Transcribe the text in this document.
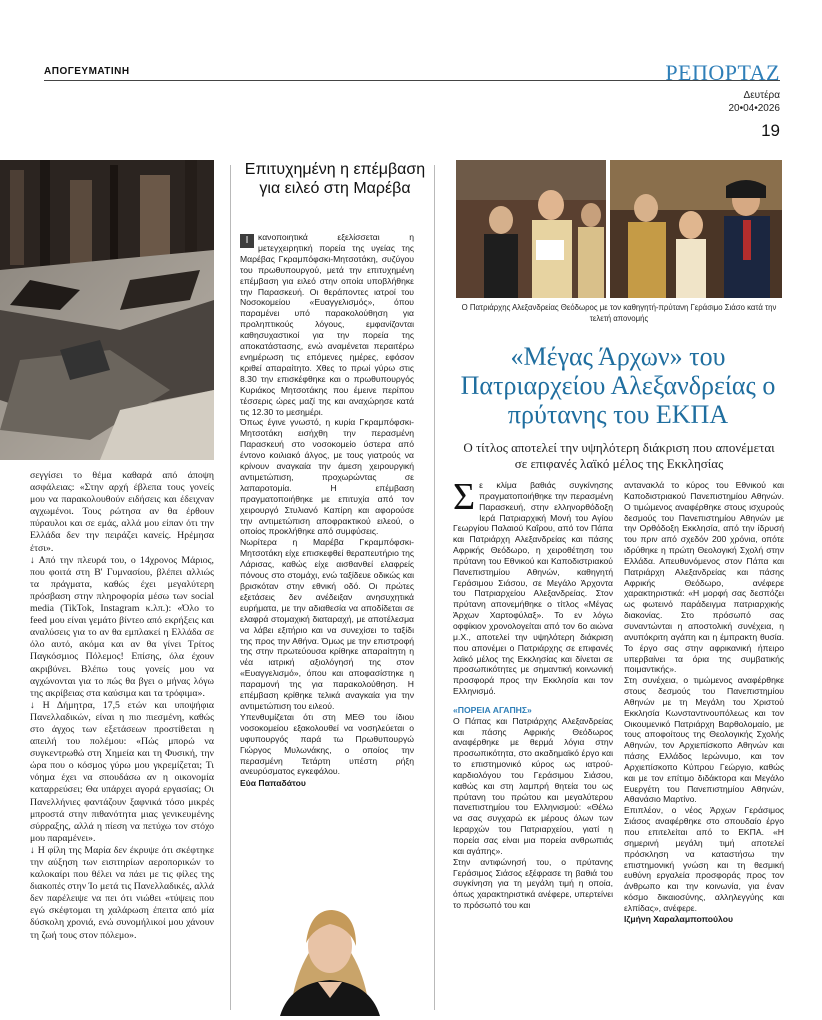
ΑΠΟΓΕΥΜΑΤΙΝΗ	ΡΕΠΟΡΤΑΖ
Δευτέρα
20•04•2026
19

σεγγίσει το θέμα καθαρά από άποψη ασφάλειας: «Στην αρχή έβλεπα τους γονείς μου να παρακολουθούν ειδήσεις και έδειχναν αγχωμένοι. Τους ρώτησα αν θα έρθουν πύραυλοι και σε εμάς, αλλά μου είπαν ότι την Ελλάδα δεν την πειράζει κανείς. Ηρέμησα έτσι».

↓ Από την πλευρά του, ο 14χρονος Μάριος, που φοιτά στη Β' Γυμνασίου, βλέπει αλλιώς τα πράγματα, καθώς έχει μεγαλύτερη πρόσβαση στην πληροφορία μέσω των social media (TikTok, Instagram κ.λπ.): «Όλο το feed μου είναι γεμάτο βίντεο από εκρήξεις και αναλύσεις για το αν θα εμπλακεί η Ελλάδα σε όλο αυτό, ακόμα και αν θα γίνει Τρίτος Παγκόσμιος Πόλεμος! Επίσης, όλα έχουν ακριβύνει. Βλέπω τους γονείς μου να αγχώνονται για το πώς θα βγει ο μήνας λόγω της ακρίβειας στα καύσιμα και τα τρόφιμα».

↓ Η Δήμητρα, 17,5 ετών και υποψήφια Πανελλαδικών, είναι η πιο πιεσμένη, καθώς στο άγχος των εξετάσεων προστίθεται η απειλή του πολέμου: «Πώς μπορώ να συγκεντρωθώ στη Χημεία και τη Φυσική, την ώρα που ο κόσμος γύρω μου γκρεμίζεται; Τι νόημα έχει να σπουδάσω αν η οικονομία καταρρεύσει; Θα υπάρχει αγορά εργασίας; Οι Πανελλήνιες φαντάζουν ξαφνικά τόσο μικρές μπροστά στην πιθανότητα μιας γενικευμένης σύρραξης, αλλά η πίεση να πετύχω τον στόχο μου παραμένει».

↓ Η φίλη της Μαρία δεν έκρυψε ότι σκέφτηκε την αύξηση των εισιτηρίων αεροπορικών το καλοκαίρι που θέλει να πάει με τις φίλες της διακοπές στην Ίο μετά τις Πανελλαδικές, αλλά δεν παρέλειψε να πει ότι νιώθει «τύψεις που εγώ σκέφτομαι τη χαλάρωση έπειτα από μία δύσκολη χρονιά, ενώ συνομήλικοί μου χάνουν τη ζωή τους στον πόλεμο».

Επιτυχημένη η επέμβαση για ειλεό στη Μαρέβα
Ι	κανοποιητικά εξελίσσεται η μετεγχειρητική πορεία της υγείας της Μαρέβας Γκραμπόφσκι-Μητσοτάκη, συζύγου του πρωθυπουργού, μετά την επιτυχημένη επέμβαση για ειλεό στην οποία υποβλήθηκε την Παρασκευή. Οι θεράποντες ιατροί του Νοσοκομείου «Ευαγγελισμός», όπου παραμένει υπό παρακολούθηση για προληπτικούς λόγους, εμφανίζονται καθησυχαστικοί για την πορεία της αποκατάστασης, ενώ αναμένεται περαιτέρω ενημέρωση τις επόμενες ημέρες, εφόσον κριθεί απαραίτητο. Χθες το πρωί γύρω στις 8.30 την επισκέφθηκε και ο πρωθυπουργός Κυριάκος Μητσοτάκης που έμεινε περίπου τέσσερις ώρες μαζί της και αναχώρησε κατά τις 12.30 το μεσημέρι.

Όπως έγινε γνωστό, η κυρία Γκραμπόφσκι-Μητσοτάκη εισήχθη την περασμένη Παρασκευή στο νοσοκομείο ύστερα από έντονο κοιλιακό άλγος, με τους γιατρούς να κρίνουν αναγκαία την άμεση χειρουργική αντιμετώπιση, προχωρώντας σε λαπαροτομία. Η επέμβαση πραγματοποιήθηκε με επιτυχία από τον χειρουργό Στυλιανό Καπίρη και αφορούσε την αντιμετώπιση αποφρακτικού ειλεού, ο οποίος προκλήθηκε από συμφύσεις.

Νωρίτερα η Μαρέβα Γκραμπόφσκι-Μητσοτάκη είχε επισκεφθεί θεραπευτήριο της Λάρισας, καθώς είχε αισθανθεί ελαφρείς πόνους στο στομάχι, ενώ ταξίδευε οδικώς και βρισκόταν στην εθνική οδό. Οι πρώτες εξετάσεις δεν ανέδειξαν ανησυχητικά ευρήματα, με την αδιαθεσία να αποδίδεται σε ελαφρά στομαχική διαταραχή, με αποτέλεσμα να λάβει εξιτήριο και να συνεχίσει το ταξίδι της προς την Αθήνα. Όμως με την επιστροφή της στην πρωτεύουσα κρίθηκε απαραίτητη η νέα ιατρική αξιολόγησή της στον «Ευαγγελισμό», όπου και αποφασίστηκε η παραμονή της για παρακολούθηση. Η επέμβαση κρίθηκε τελικά αναγκαία για την αντιμετώπιση του ειλεού.

Υπενθυμίζεται ότι στη ΜΕΘ του ίδιου νοσοκομείου εξακολουθεί να νοσηλεύεται ο υφυπουργός παρά τω Πρωθυπουργώ Γιώργος Μυλωνάκης, ο οποίος την περασμένη Τετάρτη υπέστη ρήξη ανευρύσματος εγκεφάλου.

Εύα Παπαδάτου

Ο Πατριάρχης Αλεξανδρείας Θεόδωρος με τον καθηγητή-πρύτανη Γεράσιμο Σιάσο κατά την τελετή απονομής
«Μέγας Άρχων» του Πατριαρχείου Αλεξανδρείας ο πρύτανης του ΕΚΠΑ
Ο τίτλος αποτελεί την υψηλότερη διάκριση που απονέμεται σε επιφανές λαϊκό μέλος της Εκκλησίας
Σ ε κλίμα βαθιάς συγκίνησης πραγματοποιήθηκε την περασμένη Παρασκευή, στην ελληνορθόδοξη Ιερά Πατριαρχική Μονή του Αγίου Γεωργίου Παλαιού Καΐρου, από τον Πάπα και Πατριάρχη Αλεξανδρείας και πάσης Αφρικής Θεόδωρο, η χειροθέτηση του πρύτανη του Εθνικού και Καποδιστριακού Πανεπιστημίου Αθηνών, καθηγητή Γεράσιμου Σιάσου, σε Μεγάλο Άρχοντα του Πατριαρχείου Αλεξανδρείας. Στον πρύτανη απονεμήθηκε ο τίτλος «Μέγας Άρχων Χαρτοφύλαξ». Το εν λόγω οφφίκιον χρονολογείται από τον 6ο αιώνα μ.Χ., αποτελεί την υψηλότερη διάκριση που απονέμει ο Πατριάρχης σε επιφανές λαϊκό μέλος της Εκκλησίας και δίνεται σε προσωπικότητες με σημαντική κοινωνική προσφορά προς την Εκκλησία και τον Ελληνισμό.

«ΠΟΡΕΙΑ ΑΓΑΠΗΣ»

Ο Πάπας και Πατριάρχης Αλεξανδρείας και πάσης Αφρικής Θεόδωρος αναφέρθηκε με θερμά λόγια στην προσωπικότητα, στο ακαδημαϊκό έργο και το επιστημονικό κύρος ως ιατρού-καρδιολόγου του Γεράσιμου Σιάσου, καθώς και στη λαμπρή θητεία του ως πρύτανη του πρώτου και μεγαλύτερου πανεπιστημίου του Ελληνισμού: «Θέλω να σας συγχαρώ εκ μέρους όλων των Ιεραρχών του Πατριαρχείου, γιατί η πορεία σας είναι μια πορεία ανθρωπιάς και αγάπης».

Στην αντιφώνησή του, ο πρύτανης Γεράσιμος Σιάσος εξέφρασε τη βαθιά του συγκίνηση για τη μεγάλη τιμή η οποία, όπως χαρακτηριστικά ανέφερε, υπερτείνει το πρόσωπό του και

αντανακλά το κύρος του Εθνικού και Καποδιστριακού Πανεπιστημίου Αθηνών. Ο τιμώμενος αναφέρθηκε στους ισχυρούς δεσμούς του Πανεπιστημίου Αθηνών με την Ορθόδοξη Εκκλησία, από την ίδρυσή του πριν από σχεδόν 200 χρόνια, οπότε ιδρύθηκε η πρώτη Θεολογική Σχολή στην Ελλάδα. Απευθυνόμενος στον Πάπα και Πατριάρχη Αλεξανδρείας και πάσης Αφρικής Θεόδωρο, ανέφερε χαρακτηριστικά: «Η μορφή σας δεσπόζει ως φωτεινό παράδειγμα πατριαρχικής διακονίας. Στο πρόσωπό σας συναντώνται η αποστολική συνέχεια, η ανυπόκριτη αγάπη και η έμπρακτη θυσία. Το έργο σας στην αφρικανική ήπειρο υπερβαίνει τα όρια της συμβατικής ποιμαντικής».

Στη συνέχεια, ο τιμώμενος αναφέρθηκε στους δεσμούς του Πανεπιστημίου Αθηνών με τη Μεγάλη του Χριστού Εκκλησία Κωνσταντινουπόλεως και τον Οικουμενικό Πατριάρχη Βαρθολομαίο, με τους αποφοίτους της Θεολογικής Σχολής Αθηνών, τον Αρχιεπίσκοπο Αθηνών και πάσης Ελλάδος Ιερώνυμο, και τον Αρχιεπίσκοπο Κύπρου Γεώργιο, καθώς και με τον επίτιμο διδάκτορα και Μεγάλο Ευεργέτη του Πανεπιστημίου Αθηνών, Αθανάσιο Μαρτίνο.

Επιπλέον, ο νέος Άρχων Γεράσιμος Σιάσος αναφέρθηκε στο σπουδαίο έργο που επιτελείται από το ΕΚΠΑ. «Η σημερινή μεγάλη τιμή αποτελεί πρόσκληση να καταστήσω την επιστημονική γνώση και τη θεσμική ευθύνη εργαλεία προσφοράς προς τον άνθρωπο και την κοινωνία, για έναν κόσμο δικαιοσύνης, αλληλεγγύης και ελπίδας», ανέφερε.

Ιζμήνη Χαραλαμποπούλου
